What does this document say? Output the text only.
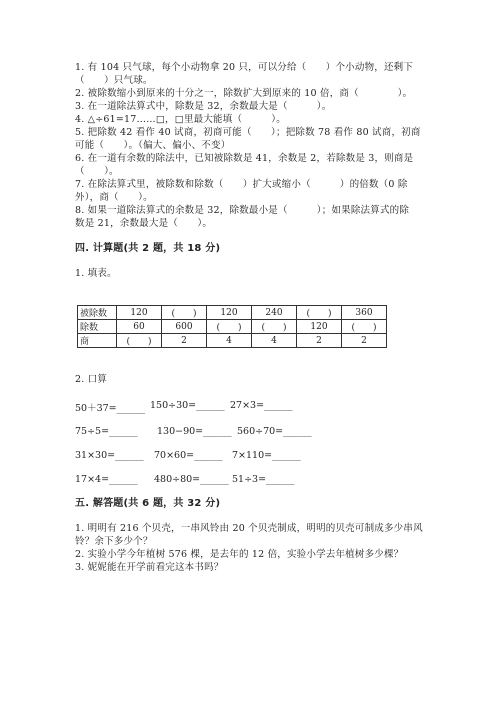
1. 有 104 只气球，每个小动物拿 20 只，可以分给（　　）个小动物，还剩下
（　　）只气球。
2. 被除数缩小到原来的十分之一，除数扩大到原来的 10 倍，商（　　　　）。
3. 在一道除法算式中，除数是 32，余数最大是（　　　）。
4. △÷61=17……□，□里最大能填（　　　）。
5. 把除数 42 看作 40 试商，初商可能（　　）；把除数 78 看作 80 试商，初商
可能（　　）。（偏大、偏小、不变）
6. 在一道有余数的除法中，已知被除数是 41，余数是 2，若除数是 3，则商是
（　　）。
7. 在除法算式里，被除数和除数（　　）扩大或缩小（　　　）的倍数（0 除
外），商（　　）。
8. 如果一道除法算式的余数是 32，除数最小是（　　　）；如果除法算式的除
数是 21，余数最大是（　　）。
四. 计算题(共 2 题，共 18 分)
1. 填表。
被除数	120	(　　)	120	240	(　　)	360
除数	60	600	(　　)	(　　)	120	(　　)
商	(　　)	2	4	4	2	2
2. 口算
50＋37=______ 150÷30=______ 27×3=______
75÷5=______ 130−90=______ 560÷70=______
31×30=______ 70×60=______ 7×110=______
17×4=______ 480÷80=______ 51÷3=______
五. 解答题(共 6 题，共 32 分)
1. 明明有 216 个贝壳，一串风铃由 20 个贝壳制成，明明的贝壳可制成多少串风
铃？余下多少个？
2. 实验小学今年植树 576 棵，是去年的 12 倍，实验小学去年植树多少棵？
3. 妮妮能在开学前看完这本书吗？
